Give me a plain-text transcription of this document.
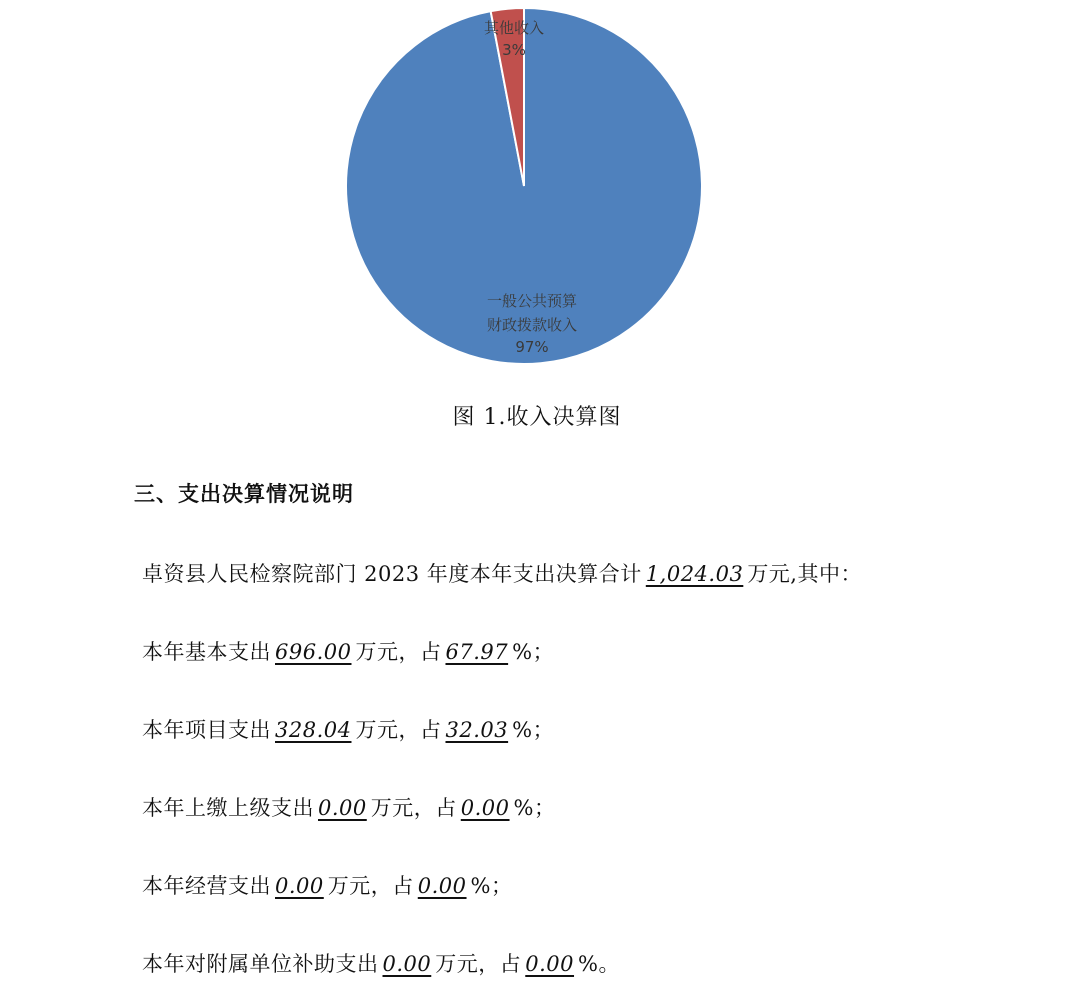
其他收入
3%
一般公共预算
财政拨款收入
97%
图 1.收入决算图
三、支出决算情况说明
卓资县人民检察院部门 2023 年度本年支出决算合计 1,024.03 万元,其中：
本年基本支出 696.00 万元，占 67.97 %；
本年项目支出 328.04 万元，占 32.03 %；
本年上缴上级支出 0.00 万元，占 0.00 %；
本年经营支出 0.00 万元，占 0.00 %；
本年对附属单位补助支出 0.00 万元，占 0.00 %。
